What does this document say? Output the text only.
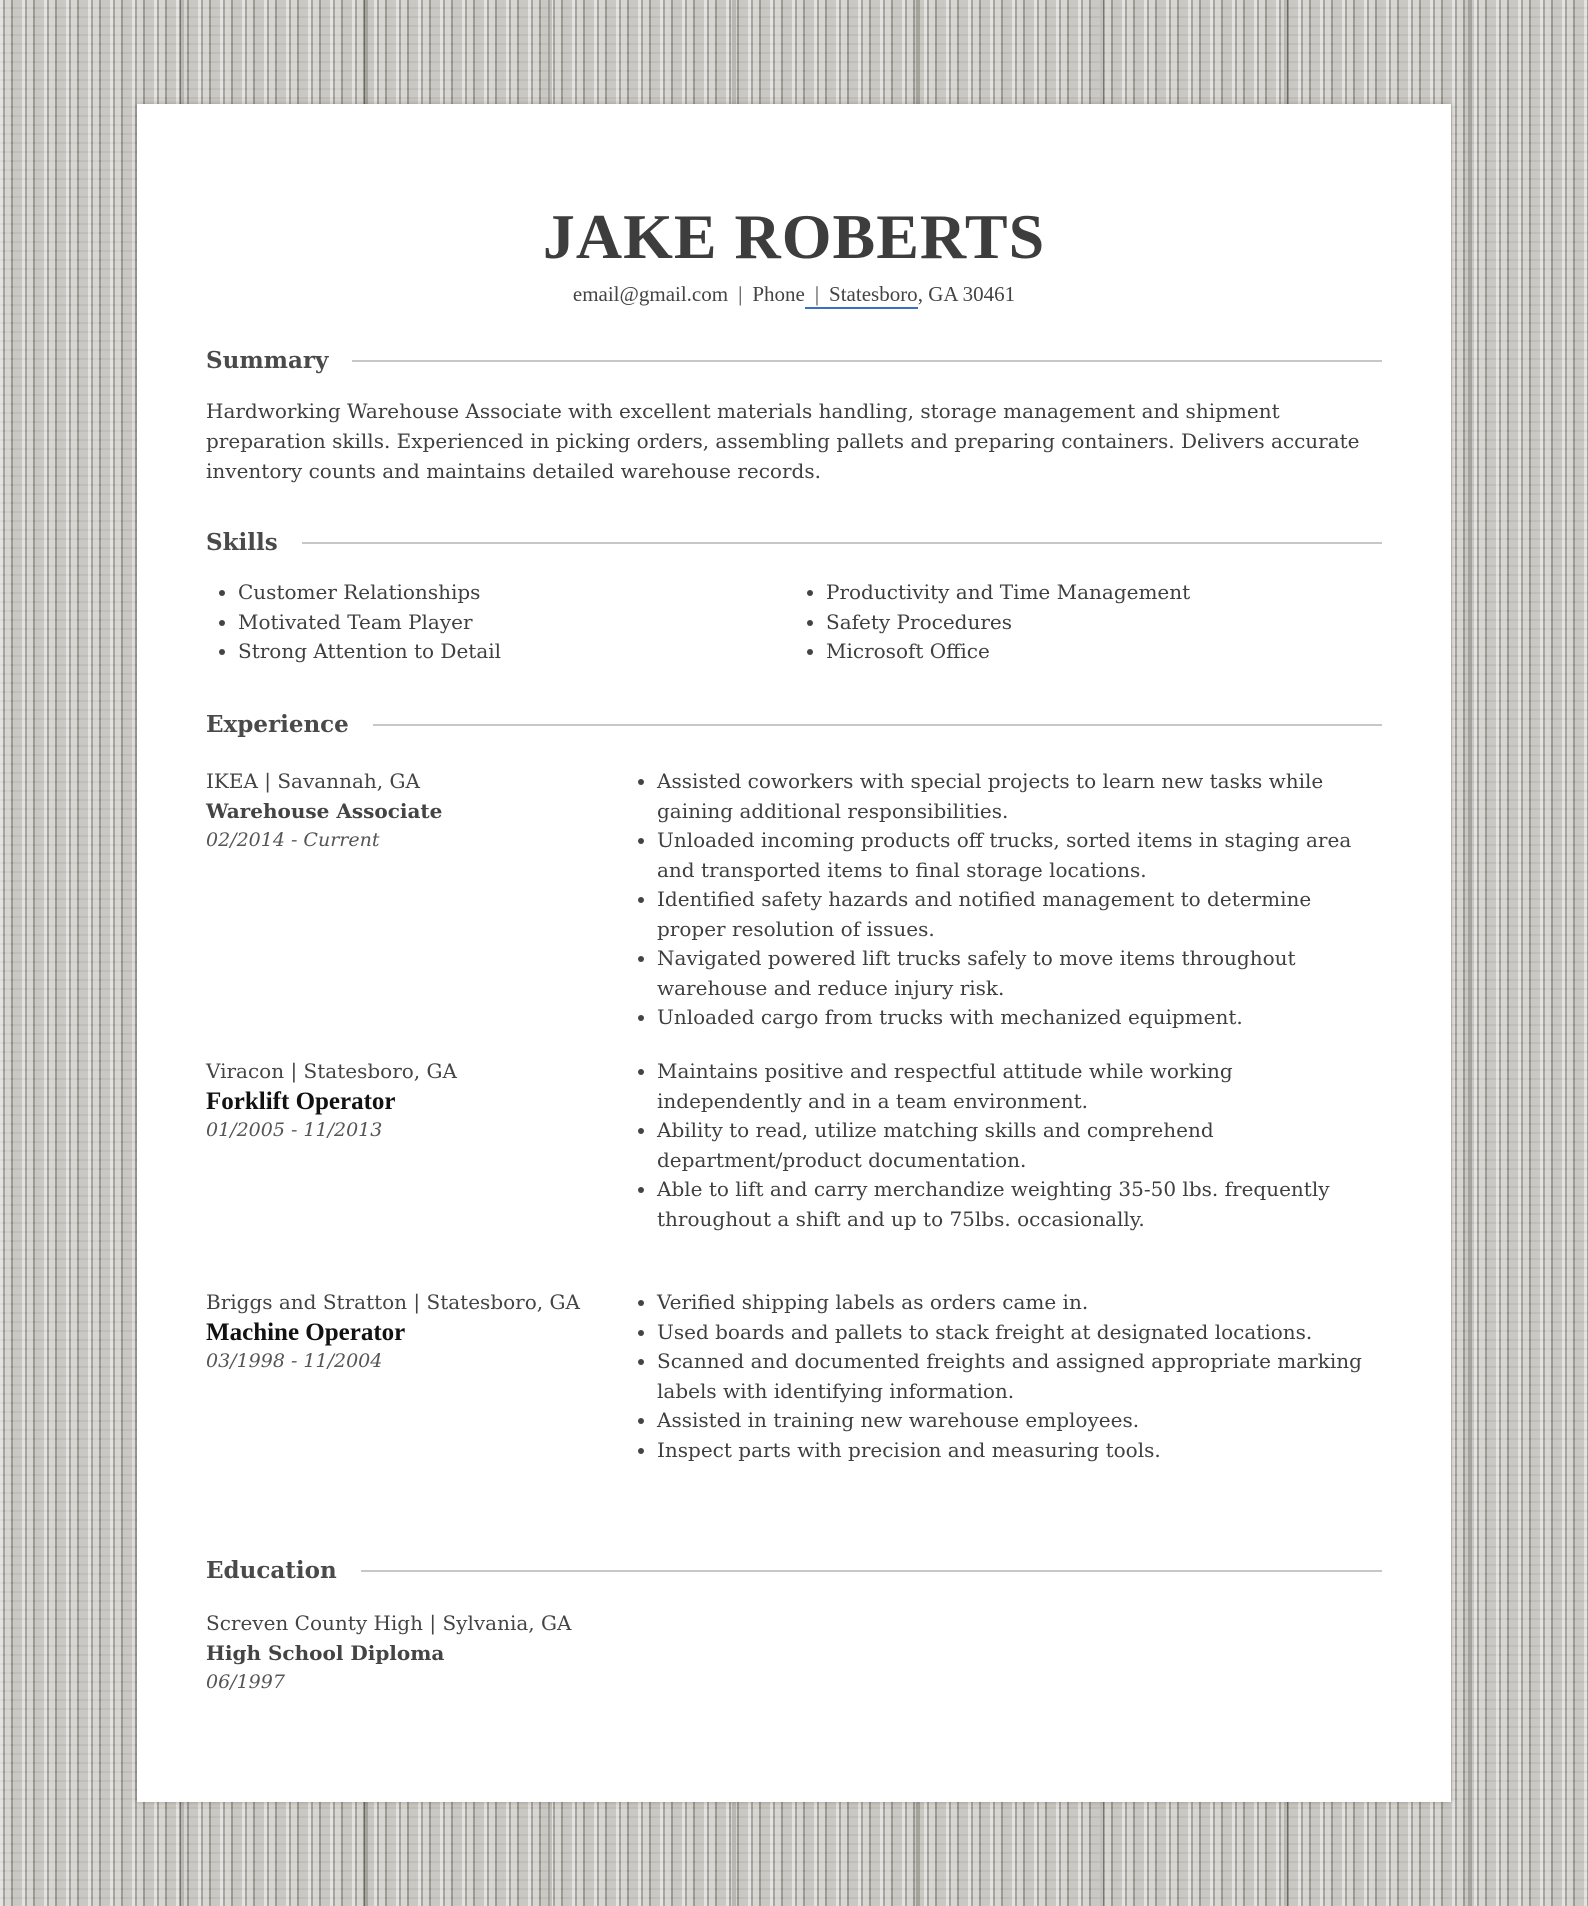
JAKE ROBERTS
email@gmail.com | Phone | Statesboro, GA 30461
Summary
Hardworking Warehouse Associate with excellent materials handling, storage management and shipment preparation skills. Experienced in picking orders, assembling pallets and preparing containers. Delivers accurate inventory counts and maintains detailed warehouse records.
Skills
Customer Relationships
Motivated Team Player
Strong Attention to Detail
Productivity and Time Management
Safety Procedures
Microsoft Office
Experience
IKEA | Savannah, GA
Warehouse Associate
02/2014 - Current
Assisted coworkers with special projects to learn new tasks while gaining additional responsibilities.
Unloaded incoming products off trucks, sorted items in staging area and transported items to final storage locations.
Identified safety hazards and notified management to determine proper resolution of issues.
Navigated powered lift trucks safely to move items throughout warehouse and reduce injury risk.
Unloaded cargo from trucks with mechanized equipment.
Viracon | Statesboro, GA
Forklift Operator
01/2005 - 11/2013
Maintains positive and respectful attitude while working independently and in a team environment.
Ability to read, utilize matching skills and comprehend department/product documentation.
Able to lift and carry merchandize weighting 35-50 lbs. frequently throughout a shift and up to 75lbs. occasionally.
Briggs and Stratton | Statesboro, GA
Machine Operator
03/1998 - 11/2004
Verified shipping labels as orders came in.
Used boards and pallets to stack freight at designated locations.
Scanned and documented freights and assigned appropriate marking labels with identifying information.
Assisted in training new warehouse employees.
Inspect parts with precision and measuring tools.
Education
Screven County High | Sylvania, GA
High School Diploma
06/1997
